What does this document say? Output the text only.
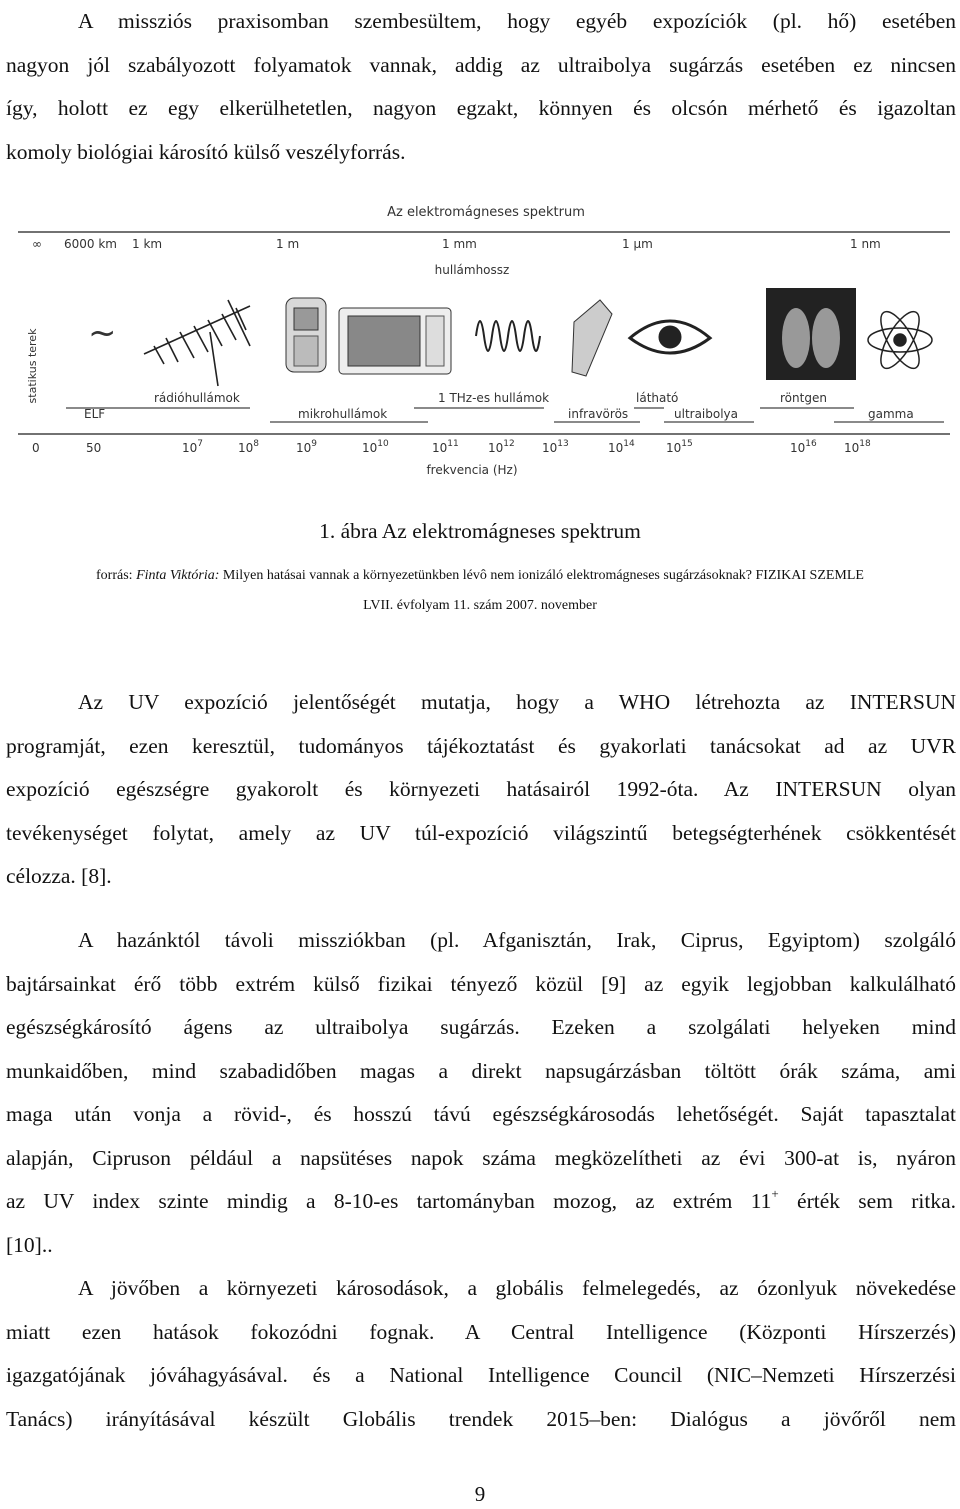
A missziós praxisomban szembesültem, hogy egyéb expozíciók (pl. hő) esetében
nagyon jól szabályozott folyamatok vannak, addig az ultraibolya sugárzás esetében ez nincsen
így, holott ez egy elkerülhetetlen, nagyon egzakt, könnyen és olcsón mérhető és igazoltan
komoly biológiai károsító külső veszélyforrás.
Az elektromágneses spektrum
∞ 6000 km 1 km	1 m	1 mm	1 µm	1 nm
hullámhossz
statikus terek ~
rádióhullámok	1 THz-es hullámok	látható	röntgen
ELF	mikrohullámok	infravörös	ultraibolya	gamma
0	50	$10^7$	$10^8$	$10^9$	$10^{10}$	$10^{11}$ $10^{12}$ $10^{13}$	$10^{14}$	$10^{15}$	$10^{16}$ $10^{18}$
frekvencia (Hz)
1. ábra Az elektromágneses spektrum
forrás: Finta Viktória: Milyen hatásai vannak a környezetünkben lévô nem ionizáló elektromágneses sugárzásoknak? FIZIKAI SZEMLE
LVII. évfolyam 11. szám 2007. november
Az UV expozíció jelentőségét mutatja, hogy a WHO létrehozta az INTERSUN
programját, ezen keresztül, tudományos tájékoztatást és gyakorlati tanácsokat ad az UVR
expozíció egészségre gyakorolt és környezeti hatásairól 1992-óta. Az INTERSUN olyan
tevékenységet folytat, amely az UV túl-expozíció világszintű betegségterhének csökkentését
célozza. [8].
A hazánktól távoli missziókban (pl. Afganisztán, Irak, Ciprus, Egyiptom) szolgáló
bajtársainkat érő több extrém külső fizikai tényező közül [9] az egyik legjobban kalkulálható
egészségkárosító ágens az ultraibolya sugárzás. Ezeken a szolgálati helyeken mind
munkaidőben, mind szabadidőben magas a direkt napsugárzásban töltött órák száma, ami
maga után vonja a rövid-, és hosszú távú egészségkárosodás lehetőségét. Saját tapasztalat
alapján, Cipruson például a napsütéses napok száma megközelítheti az évi 300-at is, nyáron
az UV index szinte mindig a 8-10-es tartományban mozog, az extrém 11+ érték sem ritka.
[10]..
A jövőben a környezeti károsodások, a globális felmelegedés, az ózonlyuk növekedése
miatt ezen hatások fokozódni fognak. A Central Intelligence (Központi Hírszerzés)
igazgatójának jóváhagyásával. és a National Intelligence Council (NIC–Nemzeti Hírszerzési
Tanács) irányításával készült Globális trendek 2015–ben: Dialógus a jövőről nem
9
